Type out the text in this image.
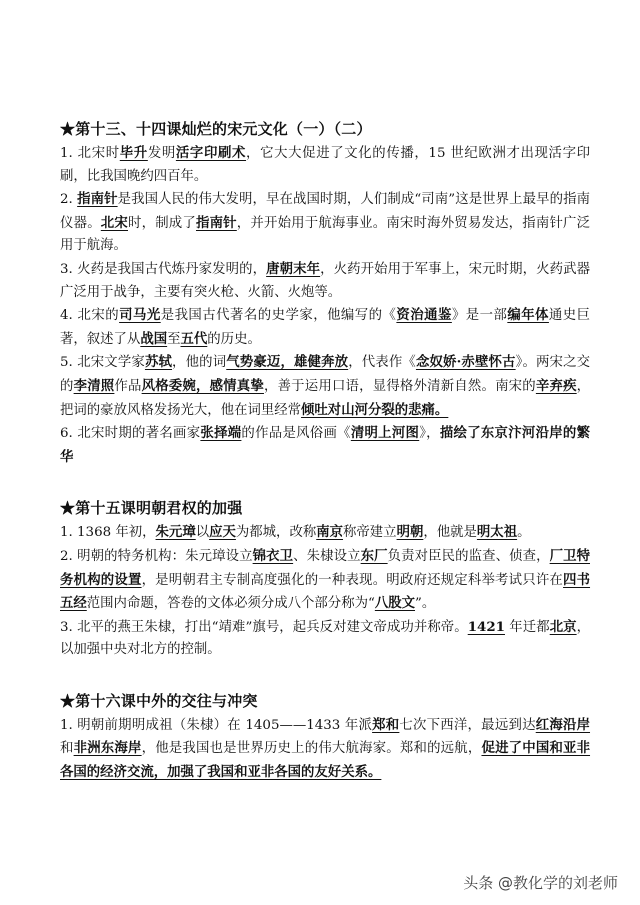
★第十三、十四课灿烂的宋元文化（一）（二）

1. 北宋时毕升发明活字印刷术，它大大促进了文化的传播，15 世纪欧洲才出现活字印刷，比我国晚约四百年。

2. 指南针是我国人民的伟大发明，早在战国时期，人们制成“司南”这是世界上最早的指南仪器。北宋时，制成了指南针，并开始用于航海事业。南宋时海外贸易发达，指南针广泛用于航海。

3. 火药是我国古代炼丹家发明的，唐朝末年，火药开始用于军事上，宋元时期，火药武器广泛用于战争，主要有突火枪、火箭、火炮等。

4. 北宋的司马光是我国古代著名的史学家，他编写的《资治通鉴》是一部编年体通史巨著，叙述了从战国至五代的历史。

5. 北宋文学家苏轼，他的词气势豪迈，雄健奔放，代表作《念奴娇·赤壁怀古》。两宋之交的李清照作品风格委婉，感情真挚，善于运用口语，显得格外清新自然。南宋的辛弃疾，把词的豪放风格发扬光大，他在词里经常倾吐对山河分裂的悲痛。

6. 北宋时期的著名画家张择端的作品是风俗画《清明上河图》，描绘了东京汴河沿岸的繁华

★第十五课明朝君权的加强

1. 1368 年初，朱元璋以应天为都城，改称南京称帝建立明朝，他就是明太祖。

2. 明朝的特务机构：朱元璋设立锦衣卫、朱棣设立东厂负责对臣民的监查、侦查，厂卫特务机构的设置，是明朝君主专制高度强化的一种表现。明政府还规定科举考试只许在四书五经范围内命题，答卷的文体必须分成八个部分称为“八股文”。

3. 北平的燕王朱棣，打出“靖难”旗号，起兵反对建文帝成功并称帝。1421 年迁都北京，以加强中央对北方的控制。

★第十六课中外的交往与冲突

1. 明朝前期明成祖（朱棣）在 1405——1433 年派郑和七次下西洋，最远到达红海沿岸和非洲东海岸，他是我国也是世界历史上的伟大航海家。郑和的远航，促进了中国和亚非各国的经济交流，加强了我国和亚非各国的友好关系。

头条 @教化学的刘老师
